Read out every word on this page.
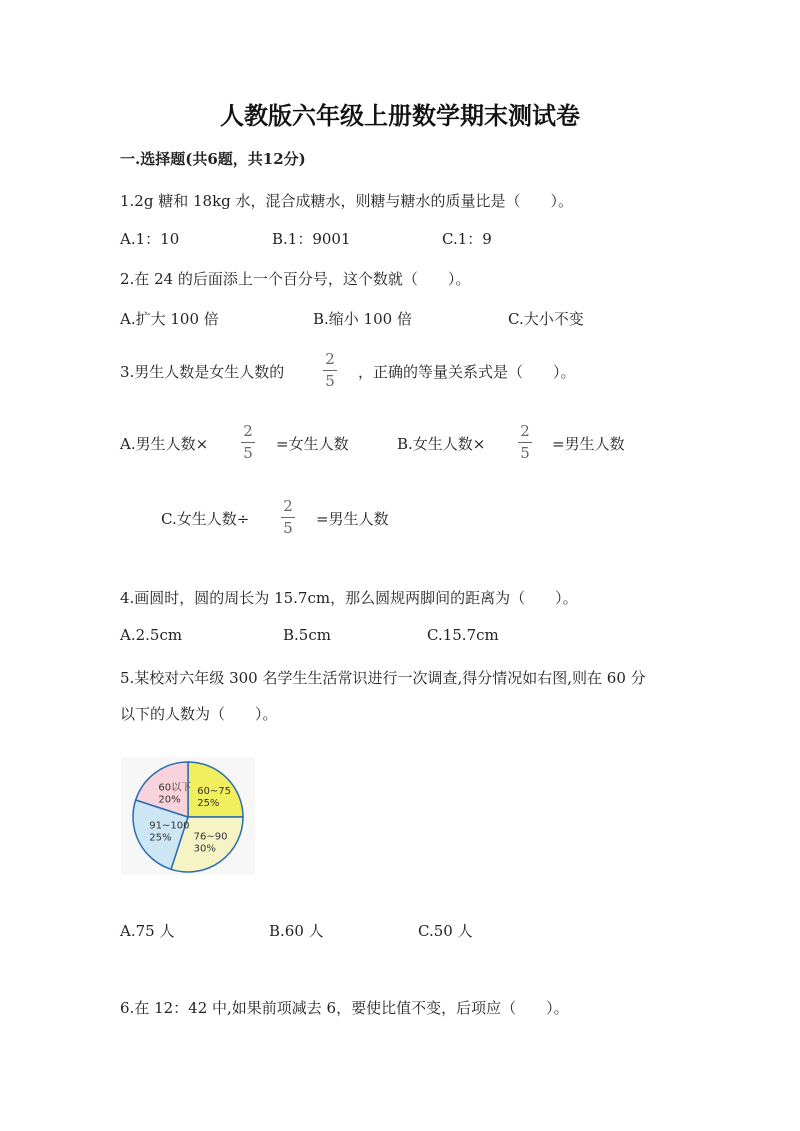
人教版六年级上册数学期末测试卷
一.选择题(共6题，共12分)
1.2g 糖和 18kg 水，混合成糖水，则糖与糖水的质量比是（　　）。
A.1：10	B.1：9001	C.1：9
2.在 24 的后面添上一个百分号，这个数就（　　）。
A.扩大 100 倍	B.缩小 100 倍	C.大小不变
3.男生人数是女生人数的
2
5	，正确的等量关系式是（　　）。
A.男生人数×
2
5	=女生人数	B.女生人数×
2
5	=男生人数
C.女生人数÷
2
5	=男生人数
4.画圆时，圆的周长为 15.7cm，那么圆规两脚间的距离为（　　）。
A.2.5cm	B.5cm	C.15.7cm
5.某校对六年级 300 名学生生活常识进行一次调查,得分情况如右图,则在 60 分
以下的人数为（　　）。
60~75
25%
76~90
30%
91~100
25%
60以下
20%
A.75 人	B.60 人	C.50 人
6.在 12：42 中,如果前项减去 6，要使比值不变，后项应（　　）。
